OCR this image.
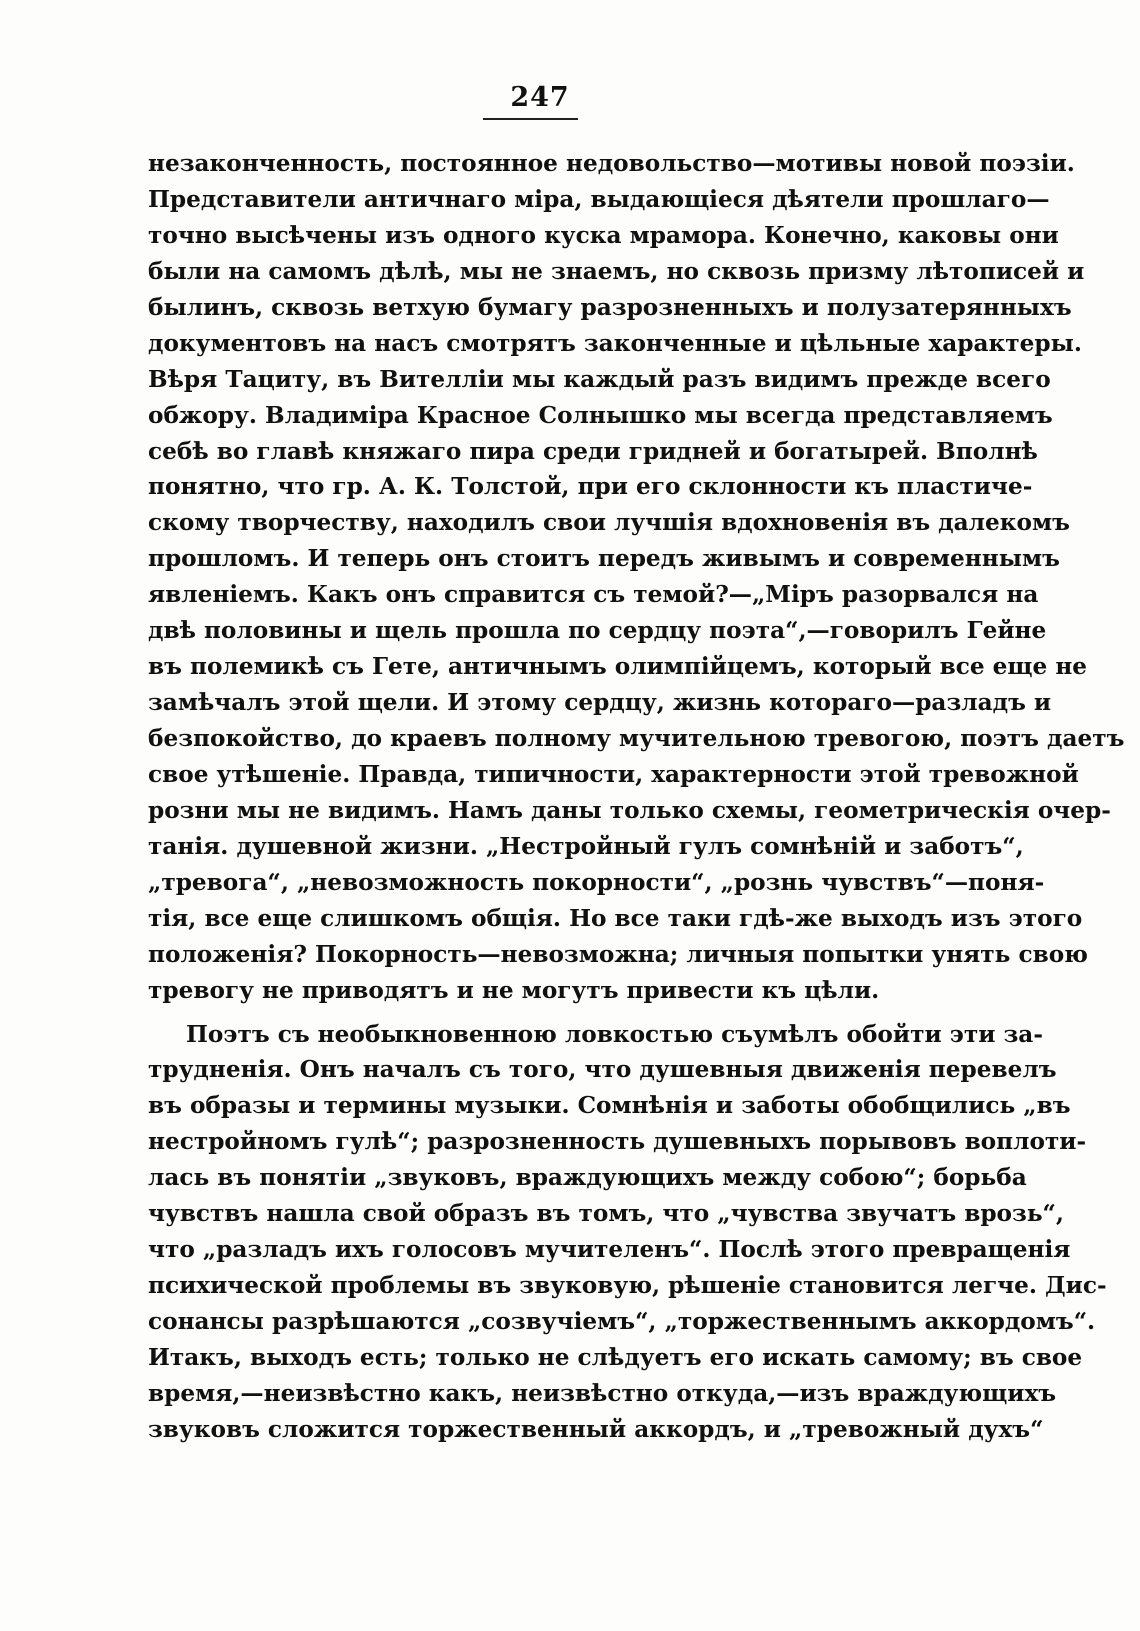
247
незаконченность, постоянное недовольство—мотивы новой поэзіи.
Представители античнаго міра, выдающіеся дѣятели прошлаго—
точно высѣчены изъ одного куска мрамора. Конечно, каковы они
были на самомъ дѣлѣ, мы не знаемъ, но сквозь призму лѣтописей и
былинъ, сквозь ветхую бумагу разрозненныхъ и полузатерянныхъ
документовъ на насъ смотрятъ законченные и цѣльные характеры.
Вѣря Тациту, въ Вителліи мы каждый разъ видимъ прежде всего
обжору. Владиміра Красное Солнышко мы всегда представляемъ
себѣ во главѣ княжаго пира среди гридней и богатырей. Вполнѣ
понятно, что гр. А. К. Толстой, при его склонности къ пластиче-
скому творчеству, находилъ свои лучшія вдохновенія въ далекомъ
прошломъ. И теперь онъ стоитъ передъ живымъ и современнымъ
явленіемъ. Какъ онъ справится съ темой?—„Міръ разорвался на
двѣ половины и щель прошла по сердцу поэта“,—говорилъ Гейне
въ полемикѣ съ Гете, античнымъ олимпійцемъ, который все еще не
замѣчалъ этой щели. И этому сердцу, жизнь котораго—разладъ и
безпокойство, до краевъ полному мучительною тревогою, поэтъ даетъ
свое утѣшеніе. Правда, типичности, характерности этой тревожной
розни мы не видимъ. Намъ даны только схемы, геометрическія очер-
танія. душевной жизни. „Нестройный гулъ сомнѣній и заботъ“,
„тревога“, „невозможность покорности“, „рознь чувствъ“—поня-
тія, все еще слишкомъ общія. Но все таки гдѣ-же выходъ изъ этого
положенія? Покорность—невозможна; личныя попытки унять свою
тревогу не приводятъ и не могутъ привести къ цѣли.
Поэтъ съ необыкновенною ловкостью съумѣлъ обойти эти за-
трудненія. Онъ началъ съ того, что душевныя движенія перевелъ
въ образы и термины музыки. Сомнѣнія и заботы обобщились „въ
нестройномъ гулѣ“; разрозненность душевныхъ порывовъ воплоти-
лась въ понятіи „звуковъ, враждующихъ между собою“; борьба
чувствъ нашла свой образъ въ томъ, что „чувства звучатъ врозь“,
что „разладъ ихъ голосовъ мучителенъ“. Послѣ этого превращенія
психической проблемы въ звуковую, рѣшеніе становится легче. Дис-
сонансы разрѣшаются „созвучіемъ“, „торжественнымъ аккордомъ“.
Итакъ, выходъ есть; только не слѣдуетъ его искать самому; въ свое
время,—неизвѣстно какъ, неизвѣстно откуда,—изъ враждующихъ
звуковъ сложится торжественный аккордъ, и „тревожный духъ“
